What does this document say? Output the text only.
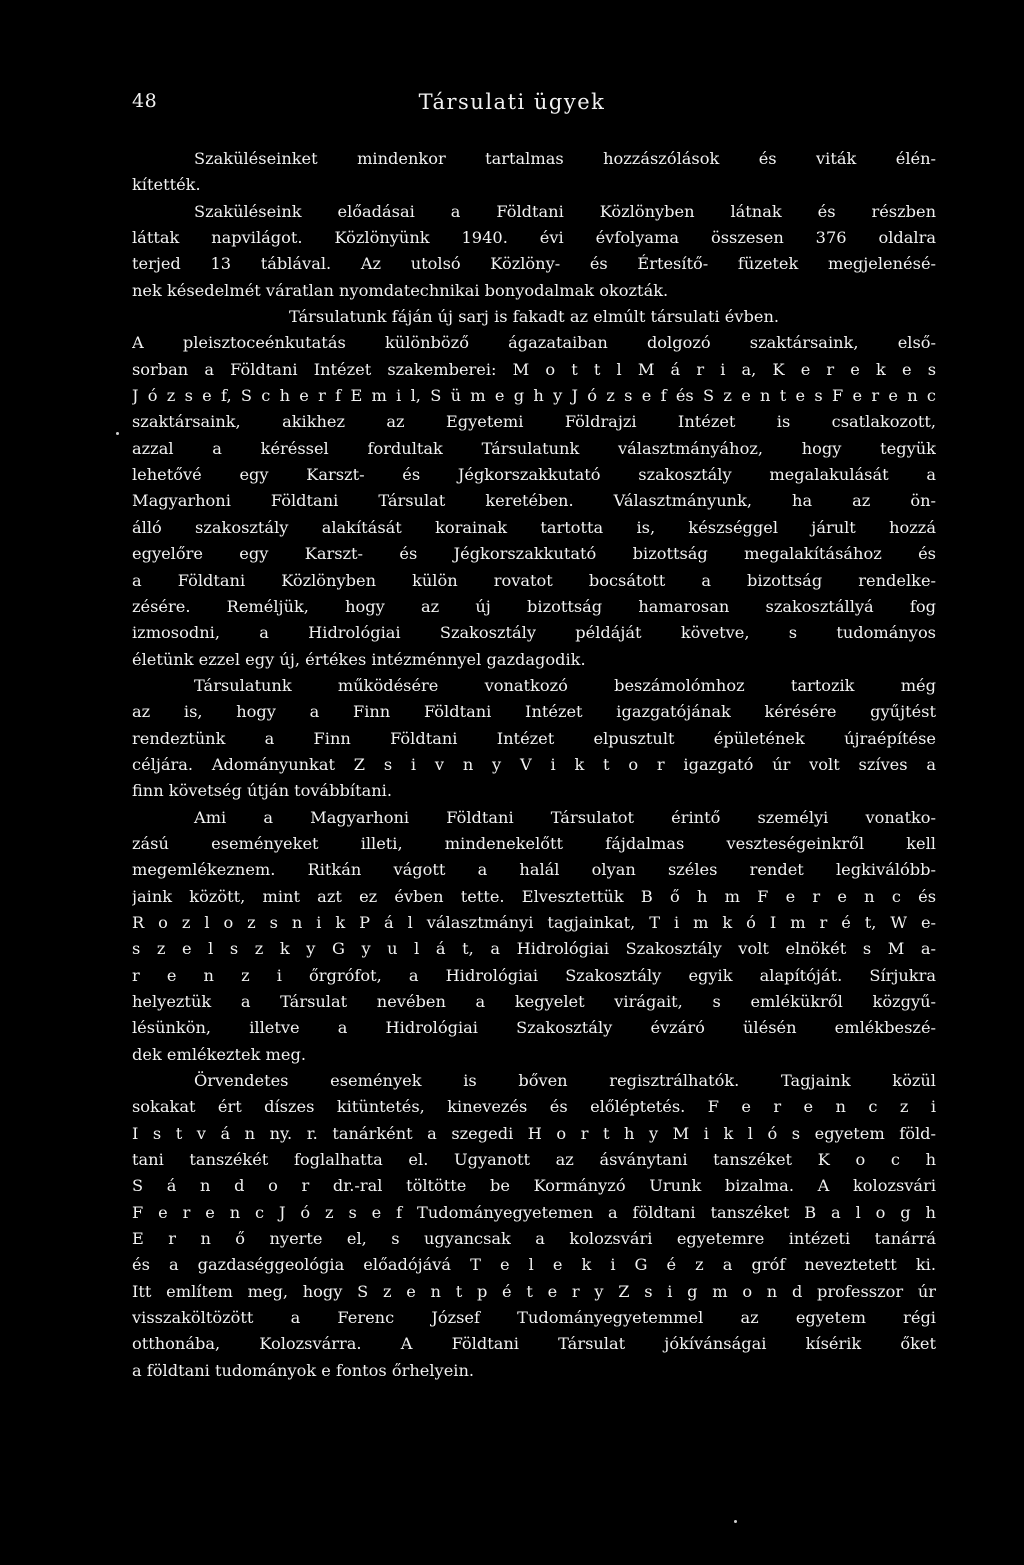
48	Társulati ügyek
Szaküléseinket mindenkor tartalmas hozzászólások és viták élén-
kítették.
Szaküléseink előadásai a Földtani Közlönyben látnak és részben
láttak napvilágot. Közlönyünk 1940. évi évfolyama összesen 376 oldalra
terjed 13 táblával. Az utolsó Közlöny- és Értesítő- füzetek megjelenésé-
nek késedelmét váratlan nyomdatechnikai bonyodalmak okozták.
Társulatunk fáján új sarj is fakadt az elmúlt társulati évben.
A pleisztoceénkutatás különböző ágazataiban dolgozó szaktársaink, első-
sorban a Földtani Intézet szakemberei: M o t t l M á r i a, K e r e k e s
J ó z s e f, S c h e r f E m i l, S ü m e g h y J ó z s e f és S z e n t e s F e r e n c
szaktársaink, akikhez az Egyetemi Földrajzi Intézet is csatlakozott,
azzal a kéréssel fordultak Társulatunk választmányához, hogy tegyük
lehetővé egy Karszt- és Jégkorszakkutató szakosztály megalakulását a
Magyarhoni Földtani Társulat keretében. Választmányunk, ha az ön-
álló szakosztály alakítását korainak tartotta is, készséggel járult hozzá
egyelőre egy Karszt- és Jégkorszakkutató bizottság megalakításához és
a Földtani Közlönyben külön rovatot bocsátott a bizottság rendelke-
zésére. Reméljük, hogy az új bizottság hamarosan szakosztállyá fog
izmosodni, a Hidrológiai Szakosztály példáját követve, s tudományos
életünk ezzel egy új, értékes intézménnyel gazdagodik.
Társulatunk működésére vonatkozó beszámolómhoz tartozik még
az is, hogy a Finn Földtani Intézet igazgatójának kérésére gyűjtést
rendeztünk a Finn Földtani Intézet elpusztult épületének újraépítése
céljára. Adományunkat Z s i v n y V i k t o r igazgató úr volt szíves a
finn követség útján továbbítani.
Ami a Magyarhoni Földtani Társulatot érintő személyi vonatko-
zású eseményeket illeti, mindenekelőtt fájdalmas veszteségeinkről kell
megemlékeznem. Ritkán vágott a halál olyan széles rendet legkiválóbb-
jaink között, mint azt ez évben tette. Elvesztettük B ő h m F e r e n c és
R o z l o z s n i k P á l választmányi tagjainkat, T i m k ó I m r é t, W e-
s z e l s z k y G y u l á t, a Hidrológiai Szakosztály volt elnökét s M a-
r e n z i őrgrófot, a Hidrológiai Szakosztály egyik alapítóját. Sírjukra
helyeztük a Társulat nevében a kegyelet virágait, s emlékükről közgyű-
lésünkön, illetve a Hidrológiai Szakosztály évzáró ülésén emlékbeszé-
dek emlékeztek meg.
Örvendetes események is bőven regisztrálhatók. Tagjaink közül
sokakat ért díszes kitüntetés, kinevezés és előléptetés. F e r e n c z i
I s t v á n ny. r. tanárként a szegedi H o r t h y M i k l ó s egyetem föld-
tani tanszékét foglalhatta el. Ugyanott az ásványtani tanszéket K o c h
S á n d o r dr.-ral töltötte be Kormányzó Urunk bizalma. A kolozsvári
F e r e n c J ó z s e f Tudományegyetemen a földtani tanszéket B a l o g h
E r n ő nyerte el, s ugyancsak a kolozsvári egyetemre intézeti tanárrá
és a gazdaséggeológia előadójává T e l e k i G é z a gróf neveztetett ki.
Itt említem meg, hogy S z e n t p é t e r y Z s i g m o n d professzor úr
visszaköltözött a Ferenc József Tudományegyetemmel az egyetem régi
otthonába, Kolozsvárra. A Földtani Társulat jókívánságai kísérik őket
a földtani tudományok e fontos őrhelyein.
